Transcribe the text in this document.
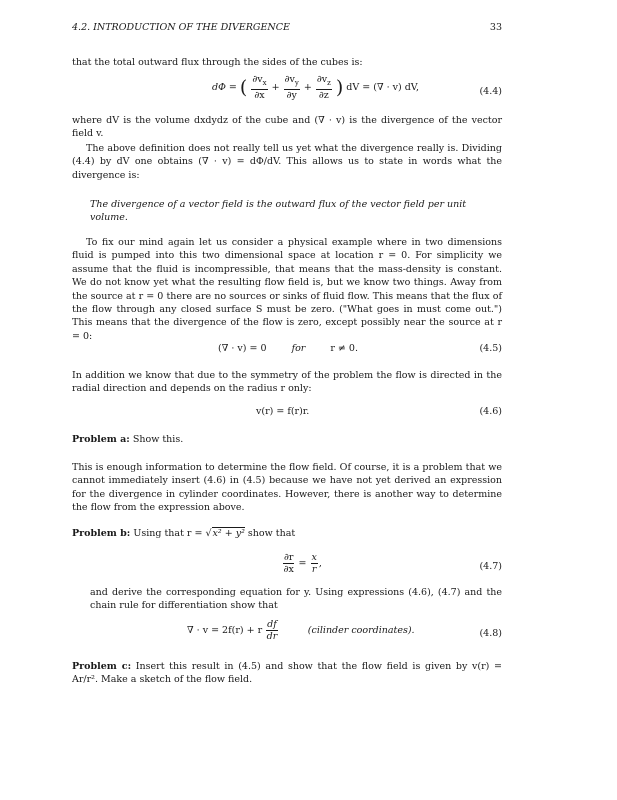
4.2. INTRODUCTION OF THE DIVERGENCE	33
that the total outward flux through the sides of the cubes is:
dΦ = ( $\frac{\partial v_x}{\partial x} + \frac{\partial v_y}{\partial y} + \frac{\partial v_z}{\partial z}$ ) dV = (∇ · v) dV,	(4.4)
where dV is the volume dxdydz of the cube and (∇ · v) is the divergence of the vector field v.
The above definition does not really tell us yet what the divergence really is. Dividing (4.4) by dV one obtains (∇ · v) = dΦ/dV. This allows us to state in words what the divergence is:
The divergence of a vector field is the outward flux of the vector field per unit volume.
To fix our mind again let us consider a physical example where in two dimensions fluid is pumped into this two dimensional space at location r = 0. For simplicity we assume that the fluid is incompressible, that means that the mass-density is constant. We do not know yet what the resulting flow field is, but we know two things. Away from the source at r = 0 there are no sources or sinks of fluid flow. This means that the flux of the flow through any closed surface S must be zero. ("What goes in must come out.") This means that the divergence of the flow is zero, except possibly near the source at r = 0:
(∇ · v) = 0	for	r ≠ 0.	(4.5)
In addition we know that due to the symmetry of the problem the flow is directed in the radial direction and depends on the radius r only:
v(r) = f(r)r.	(4.6)
Problem a: Show this.
This is enough information to determine the flow field. Of course, it is a problem that we cannot immediately insert (4.6) in (4.5) because we have not yet derived an expression for the divergence in cylinder coordinates. However, there is another way to determine the flow from the expression above.
Problem b: Using that r = √x² + y² show that
$\frac{\partial r}{\partial x} = \frac{x}{r}$ ,	(4.7)
and derive the corresponding equation for y. Using expressions (4.6), (4.7) and the chain rule for differentiation show that
∇ · v = 2f(r) + r $\frac{df}{dr}$	(cilinder coordinates).	(4.8)
Problem c: Insert this result in (4.5) and show that the flow field is given by v(r) = Ar/r². Make a sketch of the flow field.
